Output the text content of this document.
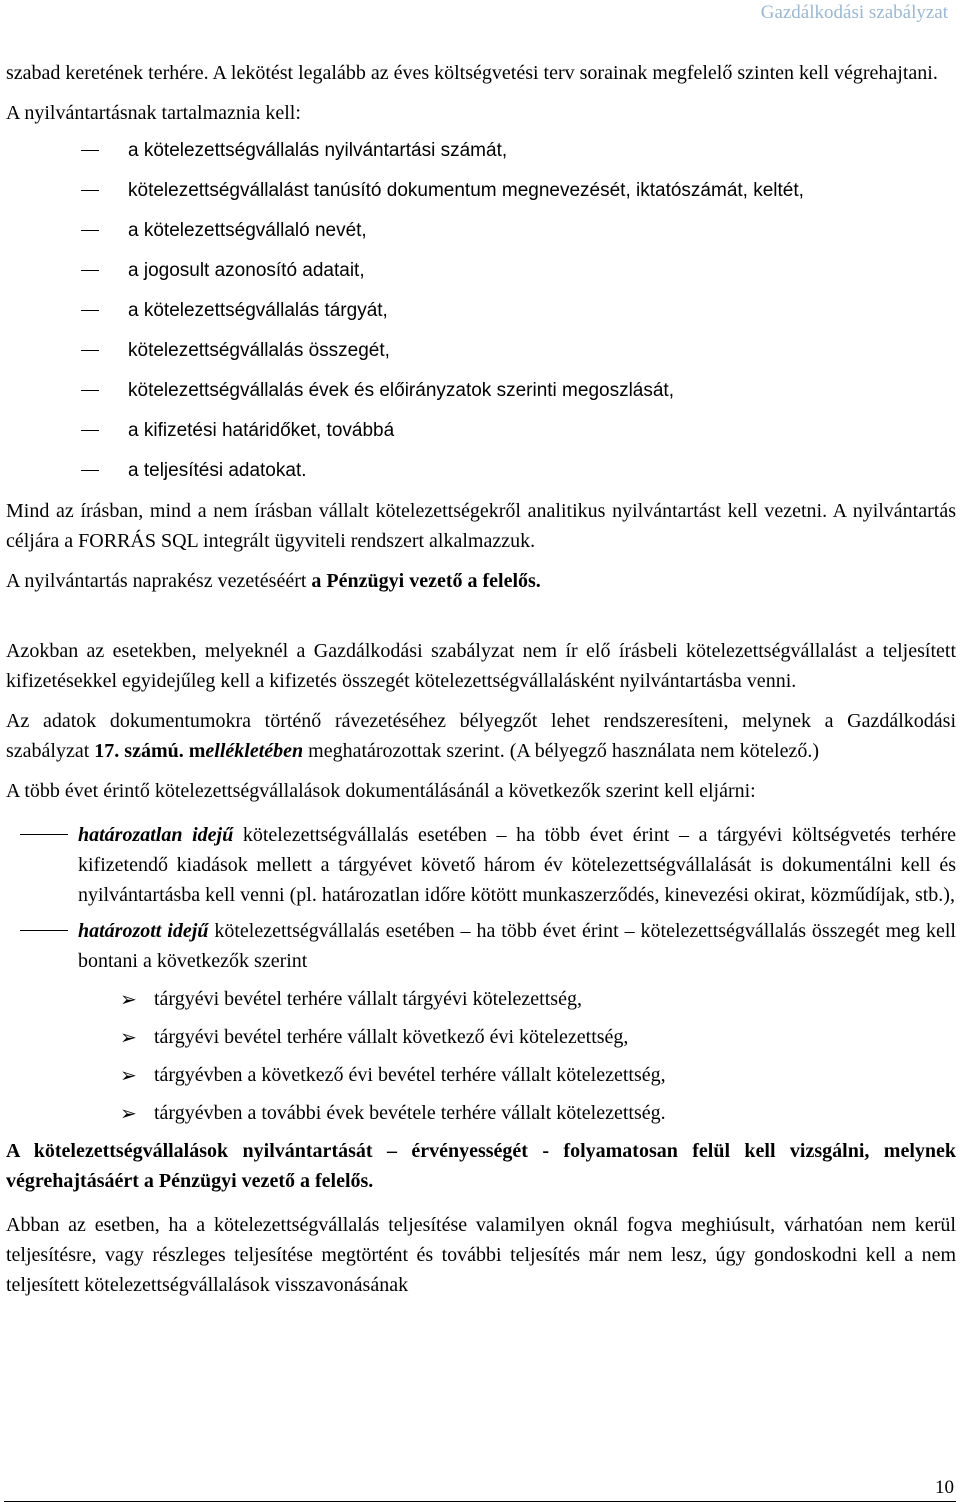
Gazdálkodási szabályzat

szabad keretének terhére. A lekötést legalább az éves költségvetési terv sorainak megfelelő szinten kell végrehajtani.

A nyilvántartásnak tartalmaznia kell:

a kötelezettségvállalás nyilvántartási számát,
kötelezettségvállalást tanúsító dokumentum megnevezését, iktatószámát, keltét,
a kötelezettségvállaló nevét,
a jogosult azonosító adatait,
a kötelezettségvállalás tárgyát,
kötelezettségvállalás összegét,
kötelezettségvállalás évek és előirányzatok szerinti megoszlását,
a kifizetési határidőket, továbbá
a teljesítési adatokat.

Mind az írásban, mind a nem írásban vállalt kötelezettségekről analitikus nyilvántartást kell vezetni. A nyilvántartás céljára a FORRÁS SQL integrált ügyviteli rendszert alkalmazzuk.

A nyilvántartás naprakész vezetéséért a Pénzügyi vezető a felelős.

Azokban az esetekben, melyeknél a Gazdálkodási szabályzat nem ír elő írásbeli kötelezettségvállalást a teljesített kifizetésekkel egyidejűleg kell a kifizetés összegét kötelezettségvállalásként nyilvántartásba venni.

Az adatok dokumentumokra történő rávezetéséhez bélyegzőt lehet rendszeresíteni, melynek a Gazdálkodási szabályzat 17. számú. mellékletében meghatározottak szerint. (A bélyegző használata nem kötelező.)

A több évet érintő kötelezettségvállalások dokumentálásánál a következők szerint kell eljárni:

határozatlan idejű kötelezettségvállalás esetében – ha több évet érint – a tárgyévi költségvetés terhére kifizetendő kiadások mellett a tárgyévet követő három év kötelezettségvállalását is dokumentálni kell és nyilvántartásba kell venni (pl. határozatlan időre kötött munkaszerződés, kinevezési okirat, közműdíjak, stb.),
határozott idejű kötelezettségvállalás esetében – ha több évet érint – kötelezettségvállalás összegét meg kell bontani a következők szerint
➢ tárgyévi bevétel terhére vállalt tárgyévi kötelezettség,
➢ tárgyévi bevétel terhére vállalt következő évi kötelezettség,
➢ tárgyévben a következő évi bevétel terhére vállalt kötelezettség,
➢ tárgyévben a további évek bevétele terhére vállalt kötelezettség.

A kötelezettségvállalások nyilvántartását – érvényességét - folyamatosan felül kell vizsgálni, melynek végrehajtásáért a Pénzügyi vezető a felelős.

Abban az esetben, ha a kötelezettségvállalás teljesítése valamilyen oknál fogva meghiúsult, várhatóan nem kerül teljesítésre, vagy részleges teljesítése megtörtént és további teljesítés már nem lesz, úgy gondoskodni kell a nem teljesített kötelezettségvállalások visszavonásának

10
